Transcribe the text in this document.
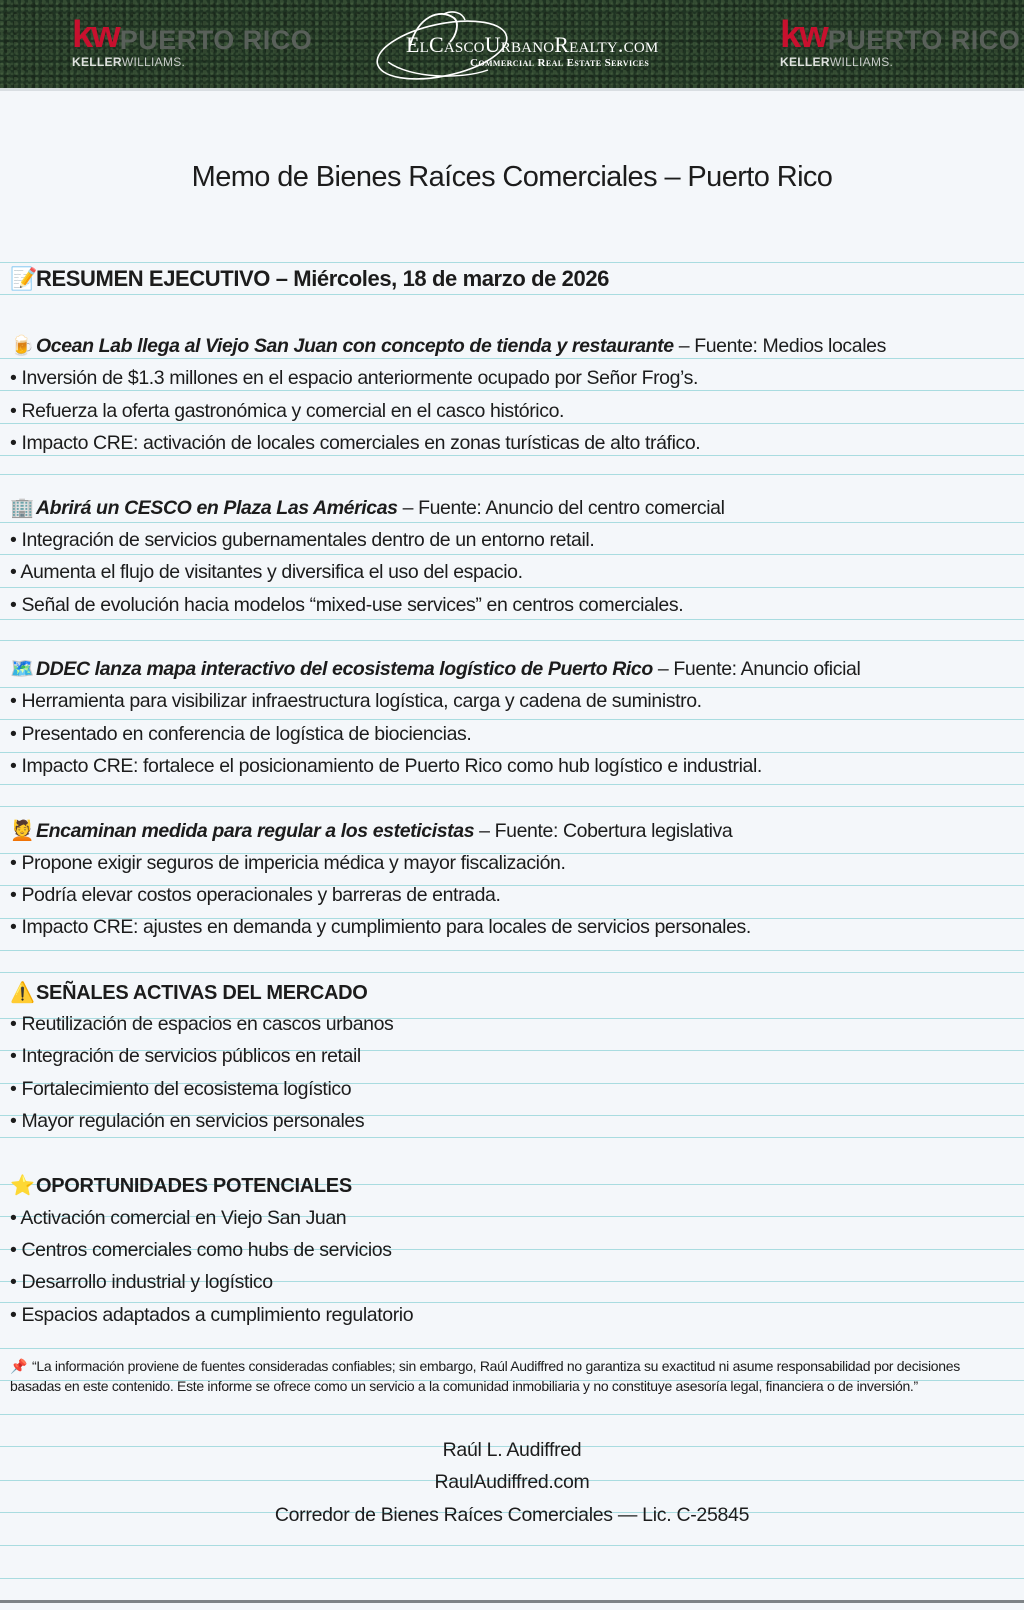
kw PUERTO RICO
KELLERWILLIAMS.
ElCascoUrbanoRealty.com
Commercial Real Estate Services
kw PUERTO RICO
KELLERWILLIAMS.
Memo de Bienes Raíces Comerciales – Puerto Rico
📝RESUMEN EJECUTIVO – Miércoles, 18 de marzo de 2026
🍺 Ocean Lab llega al Viejo San Juan con concepto de tienda y restaurante – Fuente: Medios locales
• Inversión de $1.3 millones en el espacio anteriormente ocupado por Señor Frog’s.
• Refuerza la oferta gastronómica y comercial en el casco histórico.
• Impacto CRE: activación de locales comerciales en zonas turísticas de alto tráfico.
🏢 Abrirá un CESCO en Plaza Las Américas – Fuente: Anuncio del centro comercial
• Integración de servicios gubernamentales dentro de un entorno retail.
• Aumenta el flujo de visitantes y diversifica el uso del espacio.
• Señal de evolución hacia modelos “mixed-use services” en centros comerciales.
🗺️ DDEC lanza mapa interactivo del ecosistema logístico de Puerto Rico – Fuente: Anuncio oficial
• Herramienta para visibilizar infraestructura logística, carga y cadena de suministro.
• Presentado en conferencia de logística de biociencias.
• Impacto CRE: fortalece el posicionamiento de Puerto Rico como hub logístico e industrial.
💆 Encaminan medida para regular a los esteticistas – Fuente: Cobertura legislativa
• Propone exigir seguros de impericia médica y mayor fiscalización.
• Podría elevar costos operacionales y barreras de entrada.
• Impacto CRE: ajustes en demanda y cumplimiento para locales de servicios personales.
⚠️SEÑALES ACTIVAS DEL MERCADO
• Reutilización de espacios en cascos urbanos
• Integración de servicios públicos en retail
• Fortalecimiento del ecosistema logístico
• Mayor regulación en servicios personales
⭐OPORTUNIDADES POTENCIALES
• Activación comercial en Viejo San Juan
• Centros comerciales como hubs de servicios
• Desarrollo industrial y logístico
• Espacios adaptados a cumplimiento regulatorio
📌 “La información proviene de fuentes consideradas confiables; sin embargo, Raúl Audiffred no garantiza su exactitud ni asume responsabilidad por decisiones
basadas en este contenido. Este informe se ofrece como un servicio a la comunidad inmobiliaria y no constituye asesoría legal, financiera o de inversión.”
Raúl L. Audiffred
RaulAudiffred.com
Corredor de Bienes Raíces Comerciales — Lic. C-25845
